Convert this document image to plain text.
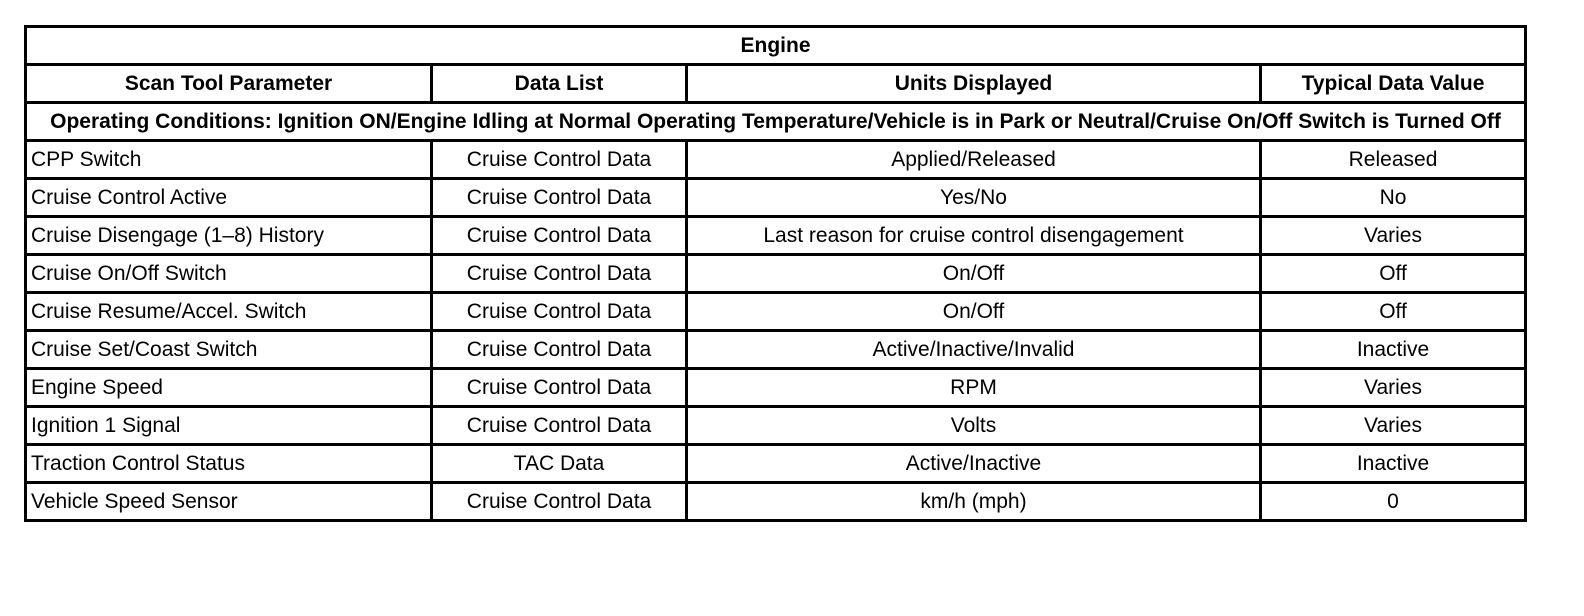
Engine			
Scan Tool Parameter	Data List	Units Displayed	Typical Data Value
Operating Conditions: Ignition ON/Engine Idling at Normal Operating Temperature/Vehicle is in Park or Neutral/Cruise On/Off Switch is Turned Off			
CPP Switch	Cruise Control Data	Applied/Released	Released
Cruise Control Active	Cruise Control Data	Yes/No	No
Cruise Disengage (1–8) History	Cruise Control Data	Last reason for cruise control disengagement	Varies
Cruise On/Off Switch	Cruise Control Data	On/Off	Off
Cruise Resume/Accel. Switch	Cruise Control Data	On/Off	Off
Cruise Set/Coast Switch	Cruise Control Data	Active/Inactive/Invalid	Inactive
Engine Speed	Cruise Control Data	RPM	Varies
Ignition 1 Signal	Cruise Control Data	Volts	Varies
Traction Control Status	TAC Data	Active/Inactive	Inactive
Vehicle Speed Sensor	Cruise Control Data	km/h (mph)	0
